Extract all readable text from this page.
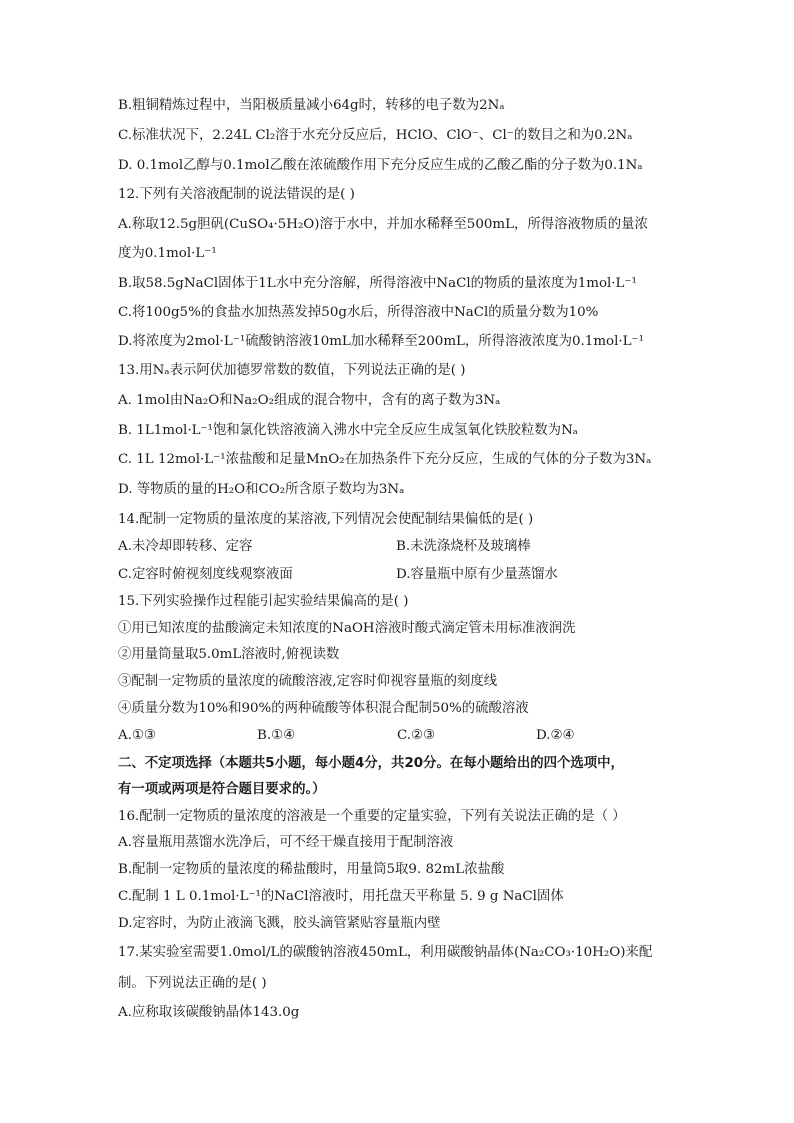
B.粗铜精炼过程中，当阳极质量减小64g时，转移的电子数为2Nₐ
C.标准状况下，2.24L Cl₂溶于水充分反应后，HClO、ClO⁻、Cl⁻的数目之和为0.2Nₐ
D. 0.1mol乙醇与0.1mol乙酸在浓硫酸作用下充分反应生成的乙酸乙酯的分子数为0.1Nₐ
12.下列有关溶液配制的说法错误的是( )
A.称取12.5g胆矾(CuSO₄·5H₂O)溶于水中，并加水稀释至500mL，所得溶液物质的量浓
度为0.1mol·L⁻¹
B.取58.5gNaCl固体于1L水中充分溶解，所得溶液中NaCl的物质的量浓度为1mol·L⁻¹
C.将100g5%的食盐水加热蒸发掉50g水后，所得溶液中NaCl的质量分数为10%
D.将浓度为2mol·L⁻¹硫酸钠溶液10mL加水稀释至200mL，所得溶液浓度为0.1mol·L⁻¹
13.用Nₐ表示阿伏加德罗常数的数值，下列说法正确的是( )
A. 1mol由Na₂O和Na₂O₂组成的混合物中，含有的离子数为3Nₐ
B. 1L1mol·L⁻¹饱和氯化铁溶液滴入沸水中完全反应生成氢氧化铁胶粒数为Nₐ
C. 1L 12mol·L⁻¹浓盐酸和足量MnO₂在加热条件下充分反应，生成的气体的分子数为3Nₐ
D. 等物质的量的H₂O和CO₂所含原子数均为3Nₐ
14.配制一定物质的量浓度的某溶液,下列情况会使配制结果偏低的是( )
A.未冷却即转移、定容	B.未洗涤烧杯及玻璃棒
C.定容时俯视刻度线观察液面	D.容量瓶中原有少量蒸馏水
15.下列实验操作过程能引起实验结果偏高的是( )
①用已知浓度的盐酸滴定未知浓度的NaOH溶液时酸式滴定管未用标准液润洗
②用量筒量取5.0mL溶液时,俯视读数
③配制一定物质的量浓度的硫酸溶液,定容时仰视容量瓶的刻度线
④质量分数为10%和90%的两种硫酸等体积混合配制50%的硫酸溶液
A.①③	B.①④	C.②③	D.②④
二、不定项选择（本题共5小题，每小题4分，共20分。在每小题给出的四个选项中，
有一项或两项是符合题目要求的。）
16.配制一定物质的量浓度的溶液是一个重要的定量实验，下列有关说法正确的是（ ）
A.容量瓶用蒸馏水洗净后，可不经干燥直接用于配制溶液
B.配制一定物质的量浓度的稀盐酸时，用量筒5取9. 82mL浓盐酸
C.配制 1 L 0.1mol·L⁻¹的NaCl溶液时，用托盘天平称量 5. 9 g NaCl固体
D.定容时，为防止液滴飞溅，胶头滴管紧贴容量瓶内壁
17.某实验室需要1.0mol/L的碳酸钠溶液450mL，利用碳酸钠晶体(Na₂CO₃·10H₂O)来配
制。下列说法正确的是( )
A.应称取该碳酸钠晶体143.0g
